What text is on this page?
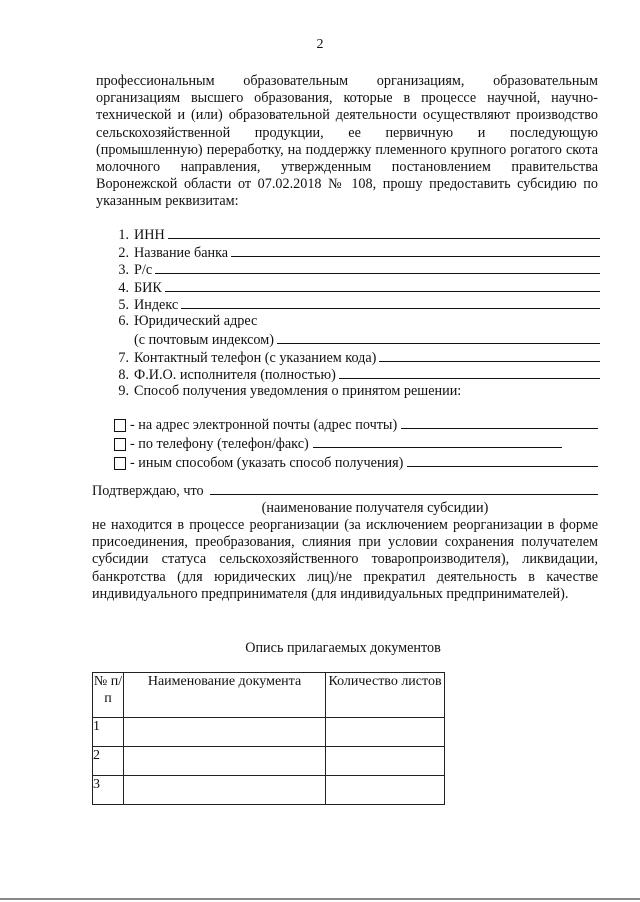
2
профессиональным образовательным организациям, образовательным организациям высшего образования, которые в процессе научной, научно-технической и (или) образовательной деятельности осуществляют производство сельскохозяйственной продукции, ее первичную и последующую (промышленную) переработку, на поддержку племенного крупного рогатого скота молочного направления, утвержденным постановлением правительства Воронежской области от 07.02.2018 № 108, прошу предоставить субсидию по указанным реквизитам:
1. ИНН
2. Название банка
3. Р/с
4. БИК
5. Индекс
6. Юридический адрес
(с почтовым индексом)
7. Контактный телефон (с указанием кода)
8. Ф.И.О. исполнителя (полностью)
9. Способ получения уведомления о принятом решении:
- на адрес электронной почты (адрес почты)
- по телефону (телефон/факс)
- иным способом (указать способ получения)
Подтверждаю, что
(наименование получателя субсидии)
не находится в процессе реорганизации (за исключением реорганизации в форме присоединения, преобразования, слияния при условии сохранения получателем субсидии статуса сельскохозяйственного товаропроизводителя), ликвидации, банкротства (для юридических лиц)/не прекратил деятельность в качестве индивидуального предпринимателя (для индивидуальных предпринимателей).
Опись прилагаемых документов
№ п/п	Наименование документа	Количество листов
1		
2		
3		
